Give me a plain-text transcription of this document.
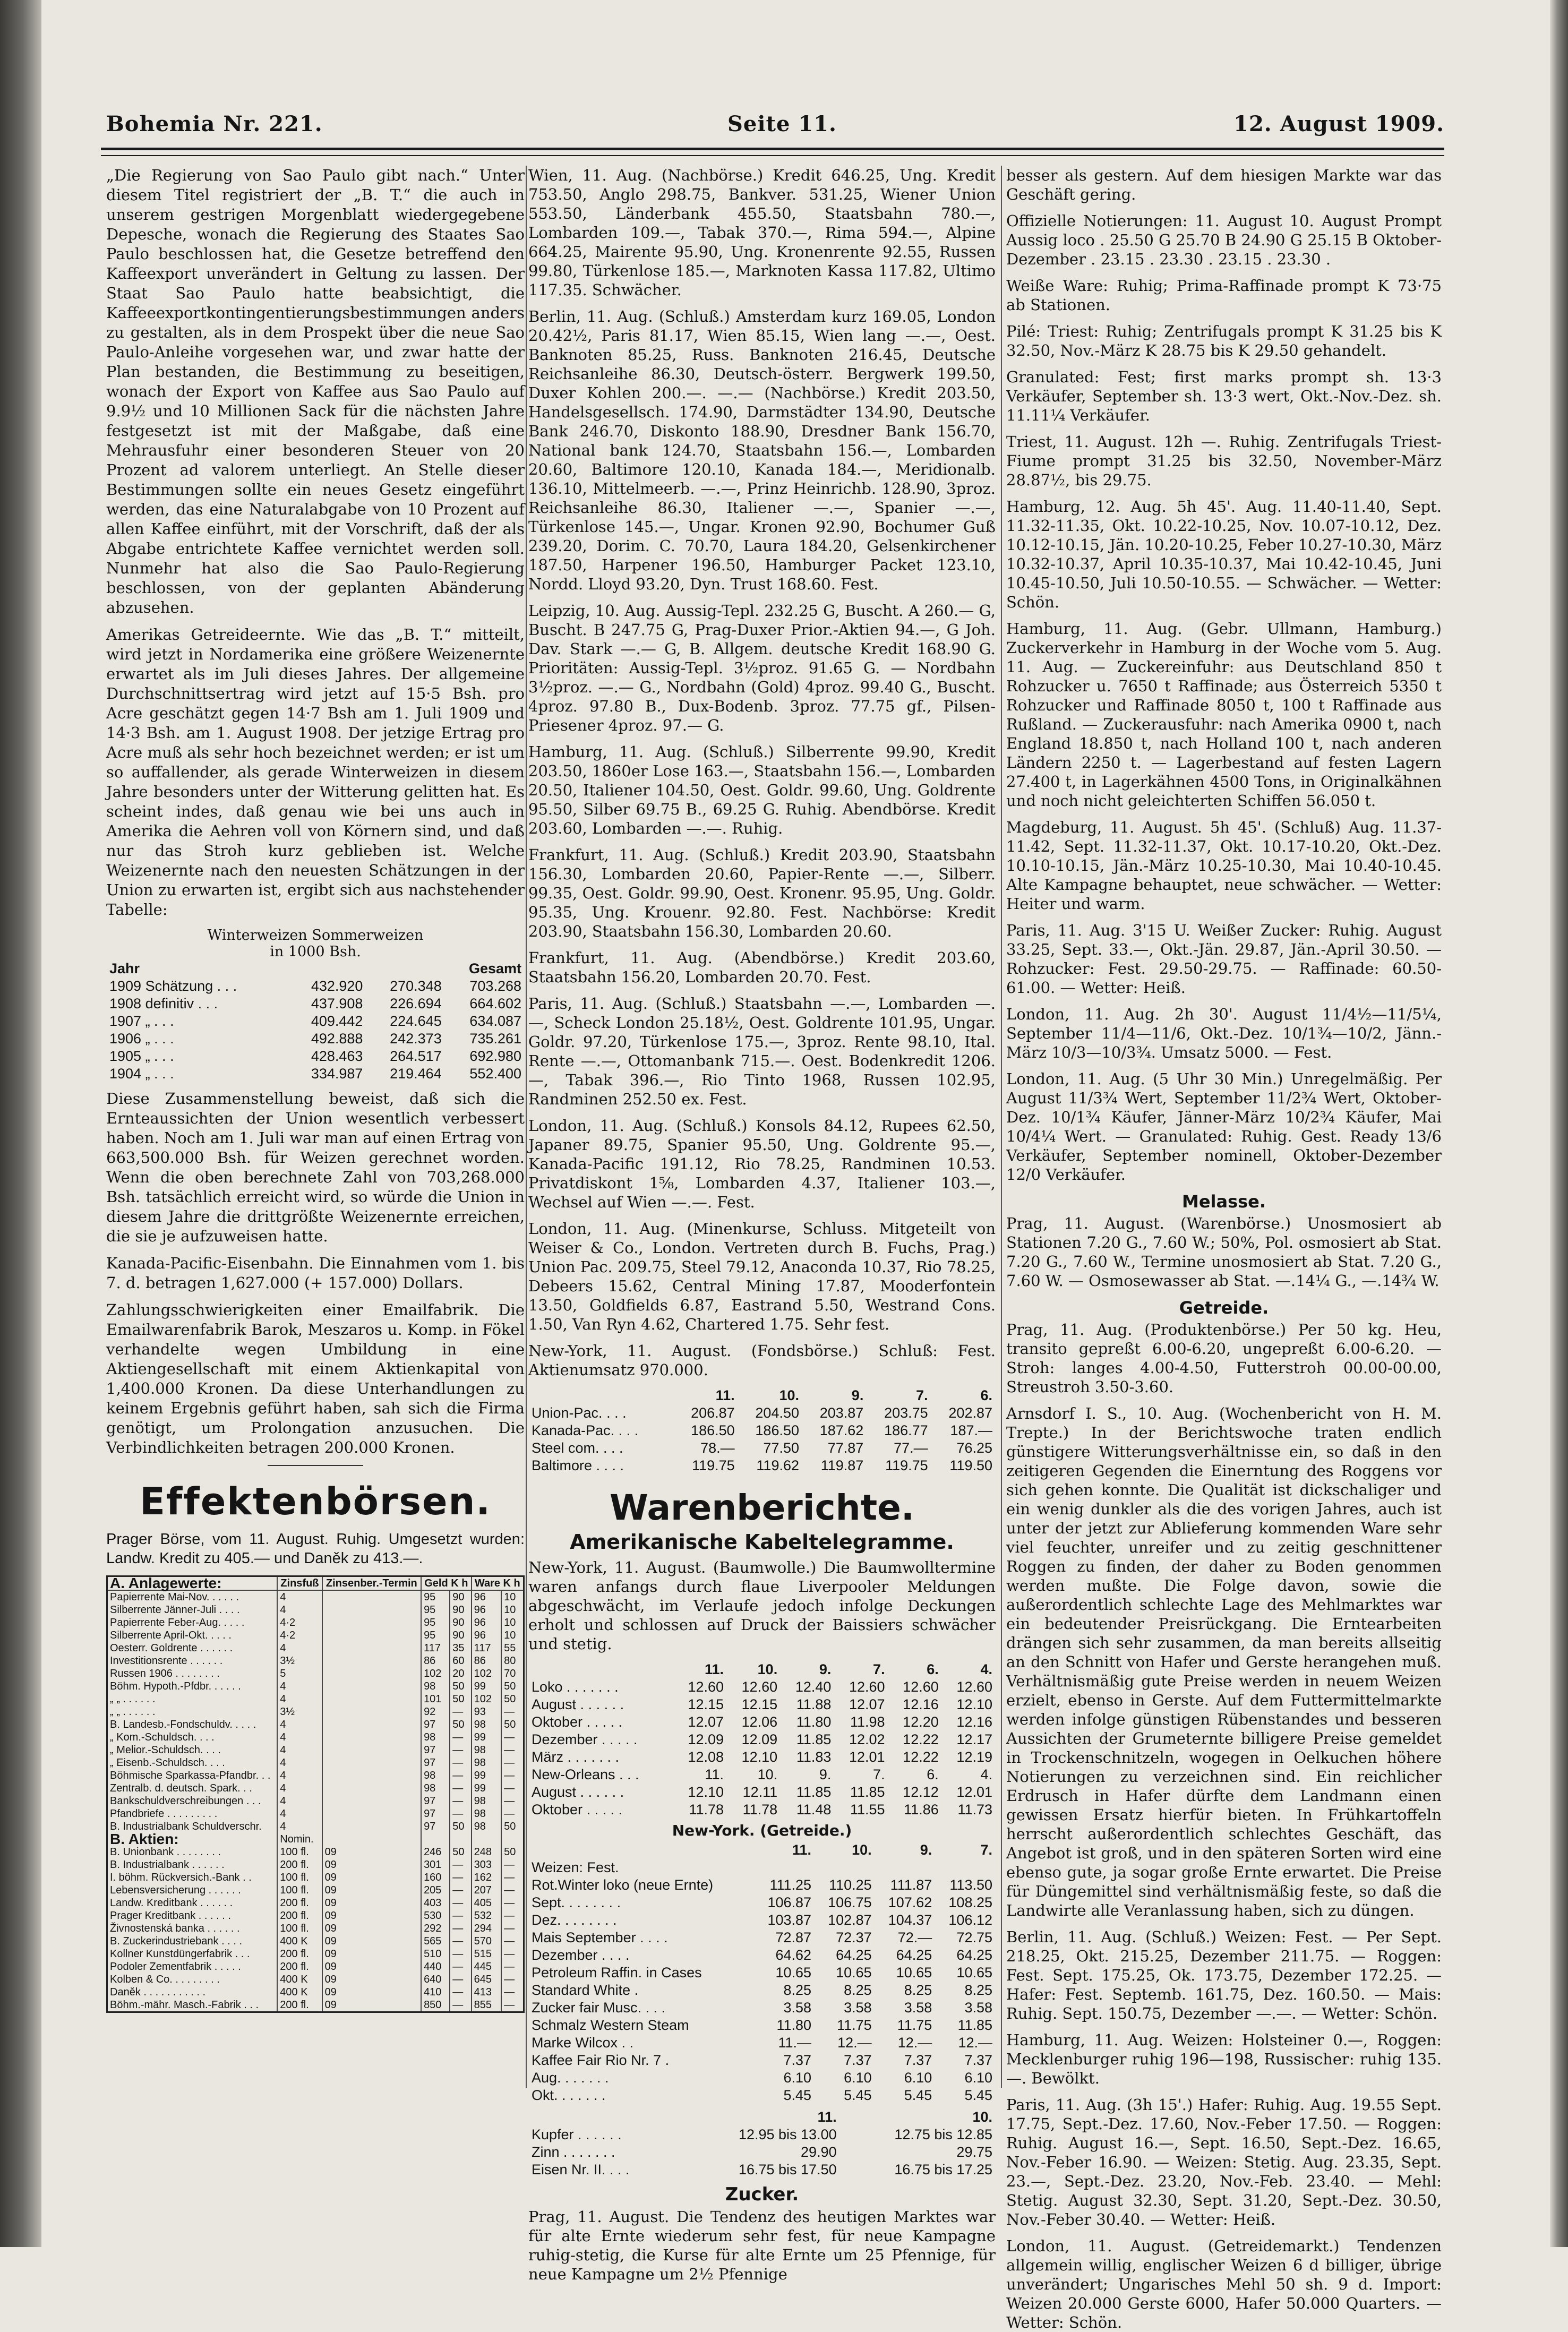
Bohemia Nr. 221.	Seite 11.	12. August 1909.

„Die Regierung von Sao Paulo gibt nach.“ Unter diesem Titel registriert der „B. T.“ die auch in unserem gestrigen Morgenblatt wiedergegebene Depesche, wonach die Regierung des Staates Sao Paulo beschlossen hat, die Gesetze betreffend den Kaffeexport unverändert in Geltung zu lassen. Der Staat Sao Paulo hatte beabsichtigt, die Kaffeeexportkontingentierungsbestimmungen anders zu gestalten, als in dem Prospekt über die neue Sao Paulo-Anleihe vorgesehen war, und zwar hatte der Plan bestanden, die Bestimmung zu beseitigen, wonach der Export von Kaffee aus Sao Paulo auf 9.9½ und 10 Millionen Sack für die nächsten Jahre festgesetzt ist mit der Maßgabe, daß eine Mehrausfuhr einer besonderen Steuer von 20 Prozent ad valorem unterliegt. An Stelle dieser Bestimmungen sollte ein neues Gesetz eingeführt werden, das eine Naturalabgabe von 10 Prozent auf allen Kaffee einführt, mit der Vorschrift, daß der als Abgabe entrichtete Kaffee vernichtet werden soll. Nunmehr hat also die Sao Paulo-Regierung beschlossen, von der geplanten Abänderung abzusehen.

Amerikas Getreideernte. Wie das „B. T.“ mitteilt, wird jetzt in Nordamerika eine größere Weizenernte erwartet als im Juli dieses Jahres. Der allgemeine Durchschnittsertrag wird jetzt auf 15·5 Bsh. pro Acre geschätzt gegen 14·7 Bsh am 1. Juli 1909 und 14·3 Bsh. am 1. August 1908. Der jetzige Ertrag pro Acre muß als sehr hoch bezeichnet werden; er ist um so auffallender, als gerade Winterweizen in diesem Jahre besonders unter der Witterung gelitten hat. Es scheint indes, daß genau wie bei uns auch in Amerika die Aehren voll von Körnern sind, und daß nur das Stroh kurz geblieben ist. Welche Weizenernte nach den neuesten Schätzungen in der Union zu erwarten ist, ergibt sich aus nachstehender Tabelle:

Winterweizen Sommerweizen
in 1000 Bsh.
Jahr			Gesamt
1909 Schätzung . . .	432.920	270.348	703.268
1908 definitiv . . .	437.908	226.694	664.602
1907 „ . . .	409.442	224.645	634.087
1906 „ . . .	492.888	242.373	735.261
1905 „ . . .	428.463	264.517	692.980
1904 „ . . .	334.987	219.464	552.400

Diese Zusammenstellung beweist, daß sich die Ernteaussichten der Union wesentlich verbessert haben. Noch am 1. Juli war man auf einen Ertrag von 663,500.000 Bsh. für Weizen gerechnet worden. Wenn die oben berechnete Zahl von 703,268.000 Bsh. tatsächlich erreicht wird, so würde die Union in diesem Jahre die drittgrößte Weizenernte erreichen, die sie je aufzuweisen hatte.

Kanada-Pacific-Eisenbahn. Die Einnahmen vom 1. bis 7. d. betragen 1,627.000 (+ 157.000) Dollars.

Zahlungsschwierigkeiten einer Emailfabrik. Die Emailwarenfabrik Barok, Meszaros u. Komp. in Fökel verhandelte wegen Umbildung in eine Aktiengesellschaft mit einem Aktienkapital von 1,400.000 Kronen. Da diese Unterhandlungen zu keinem Ergebnis geführt haben, sah sich die Firma genötigt, um Prolongation anzusuchen. Die Verbindlichkeiten betragen 200.000 Kronen.

Effektenbörsen.

Prager Börse, vom 11. August. Ruhig. Umgesetzt wurden: Landw. Kredit zu 405.— und Daněk zu 413.—.

A. Anlagewerte:	Zinsfuß	Zinsenber.-Termin	Geld K h		Ware K h	
Papierrente Mai-Nov. . . . . .	4		95	90	96	10
Silberrente Jänner-Juli . . . .	4		95	90	96	10
Papierrente Feber-Aug. . . . .	4·2		95	90	96	10
Silberrente April-Okt. . . . .	4·2		95	90	96	10
Oesterr. Goldrente . . . . . .	4		117	35	117	55
Investitionsrente . . . . . .	3½		86	60	86	80
Russen 1906 . . . . . . . .	5		102	20	102	70
Böhm. Hypoth.-Pfdbr. . . . . .	4		98	50	99	50
„ „ . . . . . .	4		101	50	102	50
„ „ . . . . . .	3½		92	—	93	—
B. Landesb.-Fondschuldv. . . . .	4		97	50	98	50
„ Kom.-Schuldsch. . . .	4		98	—	99	—
„ Melior.-Schuldsch. . . .	4		97	—	98	—
„ Eisenb.-Schuldsch. . . .	4		97	—	98	—
Böhmische Sparkassa-Pfandbr. . .	4		98	—	99	—
Zentralb. d. deutsch. Spark. . .	4		98	—	99	—
Bankschuldverschreibungen . . .	4		97	—	98	—
Pfandbriefe . . . . . . . . .	4		97	—	98	—
B. Industrialbank Schuldverschr.	4		97	50	98	50
B. Aktien:	Nomin.					
B. Unionbank . . . . . . . .	100 fl.	09	246	50	248	50
B. Industrialbank . . . . . .	200 fl.	09	301	—	303	—
I. böhm. Rückversich.-Bank . .	100 fl.	09	160	—	162	—
Lebensversicherung . . . . . .	100 fl.	09	205	—	207	—
Landw. Kreditbank . . . . . .	200 fl.	09	403	—	405	—
Prager Kreditbank . . . . . .	200 fl.	09	530	—	532	—
Živnostenská banka . . . . . .	100 fl.	09	292	—	294	—
B. Zuckerindustriebank . . . .	400 K	09	565	—	570	—
Kollner Kunstdüngerfabrik . . .	200 fl.	09	510	—	515	—
Podoler Zementfabrik . . . . .	200 fl.	09	440	—	445	—
Kolben & Co. . . . . . . . .	400 K	09	640	—	645	—
Daněk . . . . . . . . . . .	400 K	09	410	—	413	—
Böhm.-mähr. Masch.-Fabrik . . .	200 fl.	09	850	—	855	—

Wien, 11. Aug. (Nachbörse.) Kredit 646.25, Ung. Kredit 753.50, Anglo 298.75, Bankver. 531.25, Wiener Union 553.50, Länderbank 455.50, Staatsbahn 780.—, Lombarden 109.—, Tabak 370.—, Rima 594.—, Alpine 664.25, Mairente 95.90, Ung. Kronenrente 92.55, Russen 99.80, Türkenlose 185.—, Marknoten Kassa 117.82, Ultimo 117.35. Schwächer.

Berlin, 11. Aug. (Schluß.) Amsterdam kurz 169.05, London 20.42½, Paris 81.17, Wien 85.15, Wien lang —.—, Oest. Banknoten 85.25, Russ. Banknoten 216.45, Deutsche Reichsanleihe 86.30, Deutsch-österr. Bergwerk 199.50, Duxer Kohlen 200.—. —.— (Nachbörse.) Kredit 203.50, Handelsgesellsch. 174.90, Darmstädter 134.90, Deutsche Bank 246.70, Diskonto 188.90, Dresdner Bank 156.70, National bank 124.70, Staatsbahn 156.—, Lombarden 20.60, Baltimore 120.10, Kanada 184.—, Meridionalb. 136.10, Mittelmeerb. —.—, Prinz Heinrichb. 128.90, 3proz. Reichsanleihe 86.30, Italiener —.—, Spanier —.—, Türkenlose 145.—, Ungar. Kronen 92.90, Bochumer Guß 239.20, Dorim. C. 70.70, Laura 184.20, Gelsenkirchener 187.50, Harpener 196.50, Hamburger Packet 123.10, Nordd. Lloyd 93.20, Dyn. Trust 168.60. Fest.

Leipzig, 10. Aug. Aussig-Tepl. 232.25 G, Buscht. A 260.— G, Buscht. B 247.75 G, Prag-Duxer Prior.-Aktien 94.—, G Joh. Dav. Stark —.— G, B. Allgem. deutsche Kredit 168.90 G. Prioritäten: Aussig-Tepl. 3½proz. 91.65 G. — Nordbahn 3½proz. —.— G., Nordbahn (Gold) 4proz. 99.40 G., Buscht. 4proz. 97.80 B., Dux-Bodenb. 3proz. 77.75 gf., Pilsen-Priesener 4proz. 97.— G.

Hamburg, 11. Aug. (Schluß.) Silberrente 99.90, Kredit 203.50, 1860er Lose 163.—, Staatsbahn 156.—, Lombarden 20.50, Italiener 104.50, Oest. Goldr. 99.60, Ung. Goldrente 95.50, Silber 69.75 B., 69.25 G. Ruhig. Abendbörse. Kredit 203.60, Lombarden —.—. Ruhig.

Frankfurt, 11. Aug. (Schluß.) Kredit 203.90, Staatsbahn 156.30, Lombarden 20.60, Papier-Rente —.—, Silberr. 99.35, Oest. Goldr. 99.90, Oest. Kronenr. 95.95, Ung. Goldr. 95.35, Ung. Krouenr. 92.80. Fest. Nachbörse: Kredit 203.90, Staatsbahn 156.30, Lombarden 20.60.

Frankfurt, 11. Aug. (Abendbörse.) Kredit 203.60, Staatsbahn 156.20, Lombarden 20.70. Fest.

Paris, 11. Aug. (Schluß.) Staatsbahn —.—, Lombarden —.—, Scheck London 25.18½, Oest. Goldrente 101.95, Ungar. Goldr. 97.20, Türkenlose 175.—, 3proz. Rente 98.10, Ital. Rente —.—, Ottomanbank 715.—. Oest. Bodenkredit 1206.—, Tabak 396.—, Rio Tinto 1968, Russen 102.95, Randminen 252.50 ex. Fest.

London, 11. Aug. (Schluß.) Konsols 84.12, Rupees 62.50, Japaner 89.75, Spanier 95.50, Ung. Goldrente 95.—, Kanada-Pacific 191.12, Rio 78.25, Randminen 10.53. Privatdiskont 1⅝, Lombarden 4.37, Italiener 103.—, Wechsel auf Wien —.—. Fest.

London, 11. Aug. (Minenkurse, Schluss. Mitgeteilt von Weiser & Co., London. Vertreten durch B. Fuchs, Prag.) Union Pac. 209.75, Steel 79.12, Anaconda 10.37, Rio 78.25, Debeers 15.62, Central Mining 17.87, Mooderfontein 13.50, Goldfields 6.87, Eastrand 5.50, Westrand Cons. 1.50, Van Ryn 4.62, Chartered 1.75. Sehr fest.

New-York, 11. August. (Fondsbörse.) Schluß: Fest. Aktienumsatz 970.000.

	11.	10.	9.	7.	6.
Union-Pac. . . .	206.87	204.50	203.87	203.75	202.87
Kanada-Pac. . . .	186.50	186.50	187.62	186.77	187.—
Steel com. . . .	78.—	77.50	77.87	77.—	76.25
Baltimore . . . .	119.75	119.62	119.87	119.75	119.50
Warenberichte.
Amerikanische Kabeltelegramme.

New-York, 11. August. (Baumwolle.) Die Baumwolltermine waren anfangs durch flaue Liverpooler Meldungen abgeschwächt, im Verlaufe jedoch infolge Deckungen erholt und schlossen auf Druck der Baissiers schwächer und stetig.

	11.	10.	9.	7.	6.	4.
Loko . . . . . . .	12.60	12.60	12.40	12.60	12.60	12.60
August . . . . . .	12.15	12.15	11.88	12.07	12.16	12.10
Oktober . . . . .	12.07	12.06	11.80	11.98	12.20	12.16
Dezember . . . . .	12.09	12.09	11.85	12.02	12.22	12.17
März . . . . . . .	12.08	12.10	11.83	12.01	12.22	12.19
New-Orleans . . .	11.	10.	9.	7.	6.	4.
August . . . . . .	12.10	12.11	11.85	11.85	12.12	12.01
Oktober . . . . .	11.78	11.78	11.48	11.55	11.86	11.73
New-York. (Getreide.)
	11.	10.	9.	7.
Weizen: Fest.				
Rot.Winter loko (neue Ernte)	111.25	110.25	111.87	113.50
Sept. . . . . . . .	106.87	106.75	107.62	108.25
Dez. . . . . . . .	103.87	102.87	104.37	106.12
Mais September . . . .	72.87	72.37	72.—	72.75
Dezember . . . .	64.62	64.25	64.25	64.25
Petroleum Raffin. in Cases	10.65	10.65	10.65	10.65
Standard White .	8.25	8.25	8.25	8.25
Zucker fair Musc. . . .	3.58	3.58	3.58	3.58
Schmalz Western Steam	11.80	11.75	11.75	11.85
Marke Wilcox . .	11.—	12.—	12.—	12.—
Kaffee Fair Rio Nr. 7 .	7.37	7.37	7.37	7.37
Aug. . . . . . .	6.10	6.10	6.10	6.10
Okt. . . . . . .	5.45	5.45	5.45	5.45
	11.	10.
Kupfer . . . . . .	12.95 bis 13.00	12.75 bis 12.85
Zinn . . . . . . .	29.90	29.75
Eisen Nr. II. . . .	16.75 bis 17.50	16.75 bis 17.25
Zucker.

Prag, 11. August. Die Tendenz des heutigen Marktes war für alte Ernte wiederum sehr fest, für neue Kampagne ruhig-stetig, die Kurse für alte Ernte um 25 Pfennige, für neue Kampagne um 2½ Pfennige

besser als gestern. Auf dem hiesigen Markte war das Geschäft gering.

Offizielle Notierungen: 11. August 10. August Prompt Aussig loco . 25.50 G 25.70 B 24.90 G 25.15 B Oktober-Dezember . 23.15 . 23.30 . 23.15 . 23.30 .

Weiße Ware: Ruhig; Prima-Raffinade prompt K 73·75 ab Stationen.

Pilé: Triest: Ruhig; Zentrifugals prompt K 31.25 bis K 32.50, Nov.-März K 28.75 bis K 29.50 gehandelt.

Granulated: Fest; first marks prompt sh. 13·3 Verkäufer, September sh. 13·3 wert, Okt.-Nov.-Dez. sh. 11.11¼ Verkäufer.

Triest, 11. August. 12h —. Ruhig. Zentrifugals Triest-Fiume prompt 31.25 bis 32.50, November-März 28.87½, bis 29.75.

Hamburg, 12. Aug. 5h 45'. Aug. 11.40-11.40, Sept. 11.32-11.35, Okt. 10.22-10.25, Nov. 10.07-10.12, Dez. 10.12-10.15, Jän. 10.20-10.25, Feber 10.27-10.30, März 10.32-10.37, April 10.35-10.37, Mai 10.42-10.45, Juni 10.45-10.50, Juli 10.50-10.55. — Schwächer. — Wetter: Schön.

Hamburg, 11. Aug. (Gebr. Ullmann, Hamburg.) Zuckerverkehr in Hamburg in der Woche vom 5. Aug. 11. Aug. — Zuckereinfuhr: aus Deutschland 850 t Rohzucker u. 7650 t Raffinade; aus Österreich 5350 t Rohzucker und Raffinade 8050 t, 100 t Raffinade aus Rußland. — Zuckerausfuhr: nach Amerika 0900 t, nach England 18.850 t, nach Holland 100 t, nach anderen Ländern 2250 t. — Lagerbestand auf festen Lagern 27.400 t, in Lagerkähnen 4500 Tons, in Originalkähnen und noch nicht geleichterten Schiffen 56.050 t.

Magdeburg, 11. August. 5h 45'. (Schluß) Aug. 11.37-11.42, Sept. 11.32-11.37, Okt. 10.17-10.20, Okt.-Dez. 10.10-10.15, Jän.-März 10.25-10.30, Mai 10.40-10.45. Alte Kampagne behauptet, neue schwächer. — Wetter: Heiter und warm.

Paris, 11. Aug. 3'15 U. Weißer Zucker: Ruhig. August 33.25, Sept. 33.—, Okt.-Jän. 29.87, Jän.-April 30.50. — Rohzucker: Fest. 29.50-29.75. — Raffinade: 60.50-61.00. — Wetter: Heiß.

London, 11. Aug. 2h 30'. August 11/4½—11/5¼, September 11/4—11/6, Okt.-Dez. 10/1¾—10/2, Jänn.-März 10/3—10/3¾. Umsatz 5000. — Fest.

London, 11. Aug. (5 Uhr 30 Min.) Unregelmäßig. Per August 11/3¾ Wert, September 11/2¾ Wert, Oktober-Dez. 10/1¾ Käufer, Jänner-März 10/2¾ Käufer, Mai 10/4¼ Wert. — Granulated: Ruhig. Gest. Ready 13/6 Verkäufer, September nominell, Oktober-Dezember 12/0 Verkäufer.

Melasse.

Prag, 11. August. (Warenbörse.) Unosmosiert ab Stationen 7.20 G., 7.60 W.; 50%, Pol. osmosiert ab Stat. 7.20 G., 7.60 W., Termine unosmosiert ab Stat. 7.20 G., 7.60 W. — Osmosewasser ab Stat. —.14¼ G., —.14¾ W.

Getreide.

Prag, 11. Aug. (Produktenbörse.) Per 50 kg. Heu, transito gepreßt 6.00-6.20, ungepreßt 6.00-6.20. — Stroh: langes 4.00-4.50, Futterstroh 00.00-00.00, Streustroh 3.50-3.60.

Arnsdorf I. S., 10. Aug. (Wochenbericht von H. M. Trepte.) In der Berichtswoche traten endlich günstigere Witterungsverhältnisse ein, so daß in den zeitigeren Gegenden die Einerntung des Roggens vor sich gehen konnte. Die Qualität ist dickschaliger und ein wenig dunkler als die des vorigen Jahres, auch ist unter der jetzt zur Ablieferung kommenden Ware sehr viel feuchter, unreifer und zu zeitig geschnittener Roggen zu finden, der daher zu Boden genommen werden mußte. Die Folge davon, sowie die außerordentlich schlechte Lage des Mehlmarktes war ein bedeutender Preisrückgang. Die Erntearbeiten drängen sich sehr zusammen, da man bereits allseitig an den Schnitt von Hafer und Gerste herangehen muß. Verhältnismäßig gute Preise werden in neuem Weizen erzielt, ebenso in Gerste. Auf dem Futtermittelmarkte werden infolge günstigen Rübenstandes und besseren Aussichten der Grumeternte billigere Preise gemeldet in Trockenschnitzeln, wogegen in Oelkuchen höhere Notierungen zu verzeichnen sind. Ein reichlicher Erdrusch in Hafer dürfte dem Landmann einen gewissen Ersatz hierfür bieten. In Frühkartoffeln herrscht außerordentlich schlechtes Geschäft, das Angebot ist groß, und in den späteren Sorten wird eine ebenso gute, ja sogar große Ernte erwartet. Die Preise für Düngemittel sind verhältnismäßig feste, so daß die Landwirte alle Veranlassung haben, sich zu düngen.

Berlin, 11. Aug. (Schluß.) Weizen: Fest. — Per Sept. 218.25, Okt. 215.25, Dezember 211.75. — Roggen: Fest. Sept. 175.25, Ok. 173.75, Dezember 172.25. — Hafer: Fest. Septemb. 161.75, Dez. 160.50. — Mais: Ruhig. Sept. 150.75, Dezember —.—. — Wetter: Schön.

Hamburg, 11. Aug. Weizen: Holsteiner 0.—, Roggen: Mecklenburger ruhig 196—198, Russischer: ruhig 135.—. Bewölkt.

Paris, 11. Aug. (3h 15'.) Hafer: Ruhig. Aug. 19.55 Sept. 17.75, Sept.-Dez. 17.60, Nov.-Feber 17.50. — Roggen: Ruhig. August 16.—, Sept. 16.50, Sept.-Dez. 16.65, Nov.-Feber 16.90. — Weizen: Stetig. Aug. 23.35, Sept. 23.—, Sept.-Dez. 23.20, Nov.-Feb. 23.40. — Mehl: Stetig. August 32.30, Sept. 31.20, Sept.-Dez. 30.50, Nov.-Feber 30.40. — Wetter: Heiß.

London, 11. August. (Getreidemarkt.) Tendenzen allgemein willig, englischer Weizen 6 d billiger, übrige unverändert; Ungarisches Mehl 50 sh. 9 d. Import: Weizen 20.000 Gerste 6000, Hafer 50.000 Quarters. — Wetter: Schön.
